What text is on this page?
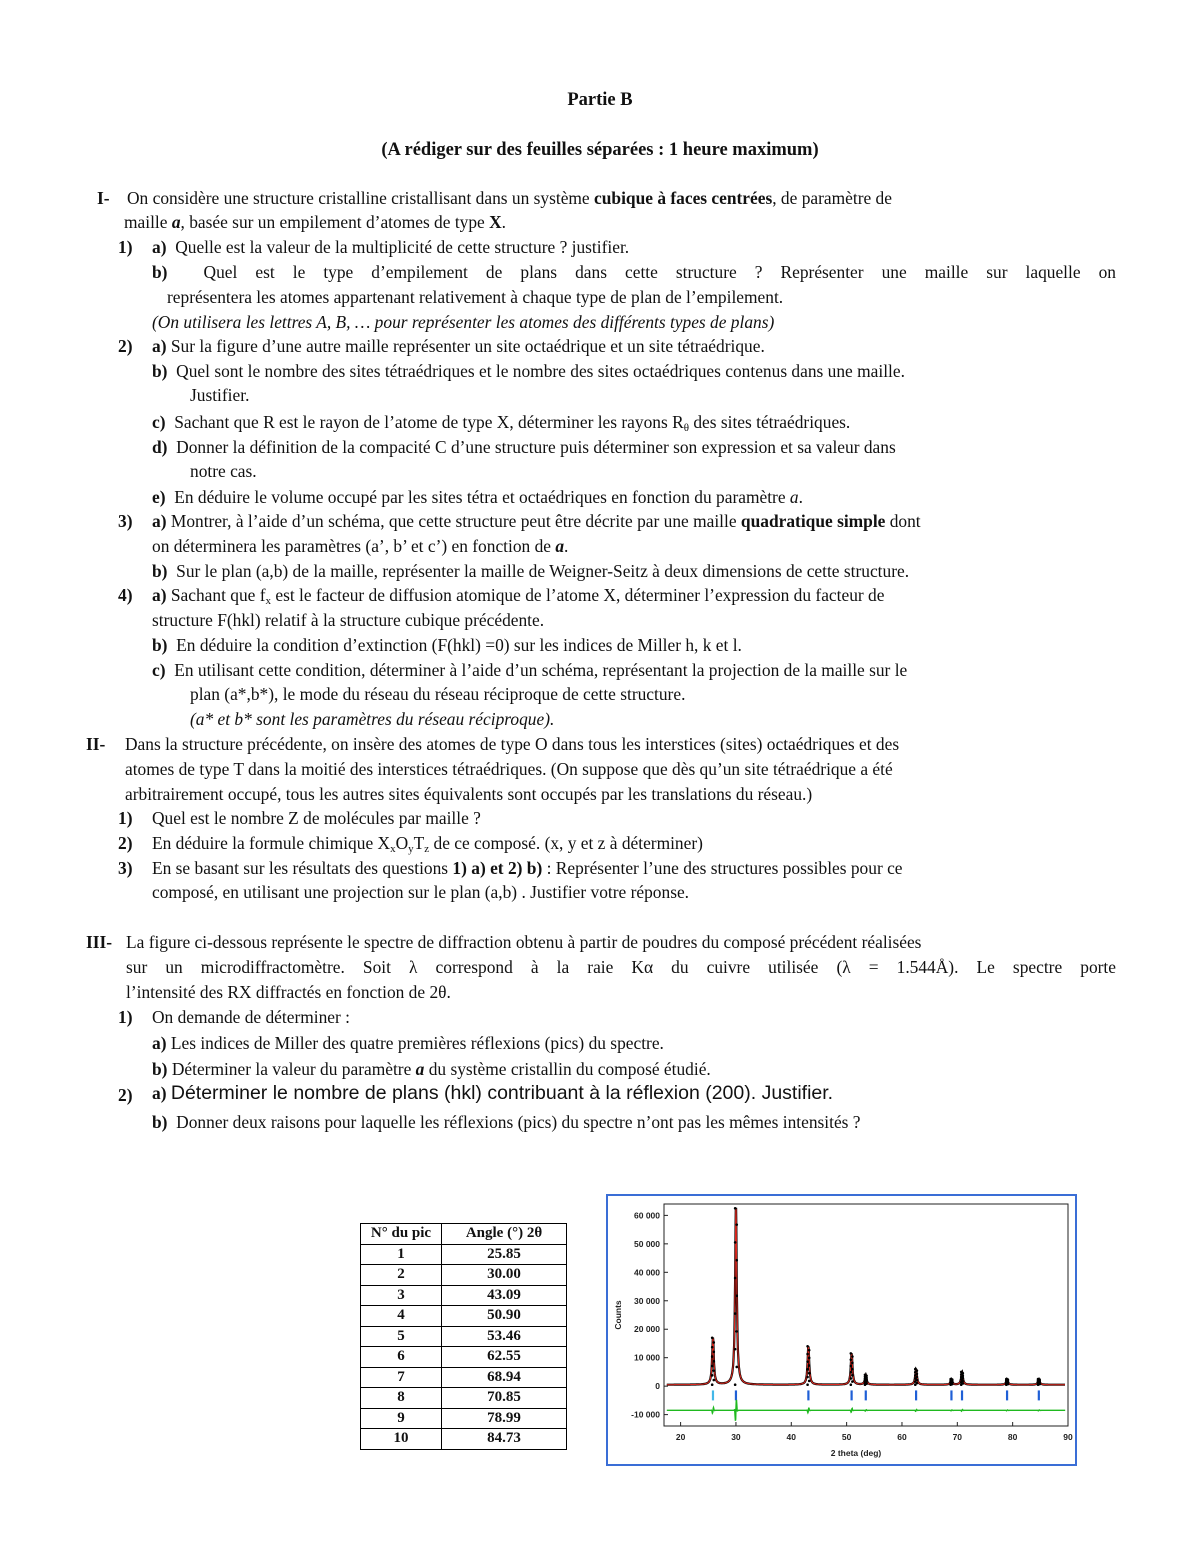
Partie B
(A rédiger sur des feuilles séparées : 1 heure maximum)
I- On considère une structure cristalline cristallisant dans un système cubique à faces centrées, de paramètre de
maille a, basée sur un empilement d’atomes de type X.
1) a) Quelle est la valeur de la multiplicité de cette structure ? justifier.
b) Quel est le type d’empilement de plans dans cette structure ? Représenter une maille sur laquelle on
représentera les atomes appartenant relativement à chaque type de plan de l’empilement.
(On utilisera les lettres A, B, … pour représenter les atomes des différents types de plans)
2) a) Sur la figure d’une autre maille représenter un site octaédrique et un site tétraédrique.
b) Quel sont le nombre des sites tétraédriques et le nombre des sites octaédriques contenus dans une maille.
Justifier.
c) Sachant que R est le rayon de l’atome de type X, déterminer les rayons $R_\theta$ des sites tétraédriques.
d) Donner la définition de la compacité C d’une structure puis déterminer son expression et sa valeur dans
notre cas.
e) En déduire le volume occupé par les sites tétra et octaédriques en fonction du paramètre a.
3) a) Montrer, à l’aide d’un schéma, que cette structure peut être décrite par une maille quadratique simple dont
on déterminera les paramètres (a’, b’ et c’) en fonction de a.
b) Sur le plan (a,b) de la maille, représenter la maille de Weigner-Seitz à deux dimensions de cette structure.
4) a) Sachant que $f_x$ est le facteur de diffusion atomique de l’atome X, déterminer l’expression du facteur de
structure F(hkl) relatif à la structure cubique précédente.
b) En déduire la condition d’extinction (F(hkl) =0) sur les indices de Miller h, k et l.
c) En utilisant cette condition, déterminer à l’aide d’un schéma, représentant la projection de la maille sur le
plan (a*,b*), le mode du réseau du réseau réciproque de cette structure.
(a* et b* sont les paramètres du réseau réciproque).
II- Dans la structure précédente, on insère des atomes de type O dans tous les interstices (sites) octaédriques et des
atomes de type T dans la moitié des interstices tétraédriques. (On suppose que dès qu’un site tétraédrique a été
arbitrairement occupé, tous les autres sites équivalents sont occupés par les translations du réseau.)
1) Quel est le nombre Z de molécules par maille ?
2) En déduire la formule chimique $X_xO_yT_z$ de ce composé. (x, y et z à déterminer)
3) En se basant sur les résultats des questions 1) a) et 2) b) : Représenter l’une des structures possibles pour ce
composé, en utilisant une projection sur le plan (a,b) . Justifier votre réponse.
III- La figure ci-dessous représente le spectre de diffraction obtenu à partir de poudres du composé précédent réalisées
sur un microdiffractomètre. Soit λ correspond à la raie Kα du cuivre utilisée (λ = 1.544Å). Le spectre porte
l’intensité des RX diffractés en fonction de 2θ.
1) On demande de déterminer :
a) Les indices de Miller des quatre premières réflexions (pics) du spectre.
b) Déterminer la valeur du paramètre a du système cristallin du composé étudié.
2) a) Déterminer le nombre de plans (hkl) contribuant à la réflexion (200). Justifier.
b) Donner deux raisons pour laquelle les réflexions (pics) du spectre n’ont pas les mêmes intensités ?
N° du pic	Angle (°) 2θ
1	25.85
2	30.00
3	43.09
4	50.90
5	53.46
6	62.55
7	68.94
8	70.85
9	78.99
10	84.73
-10 000
0
10 000
20 000
30 000
40 000
50 000
60 000
20	30	40	50	60	70	80	90
2 theta (deg)
Counts
